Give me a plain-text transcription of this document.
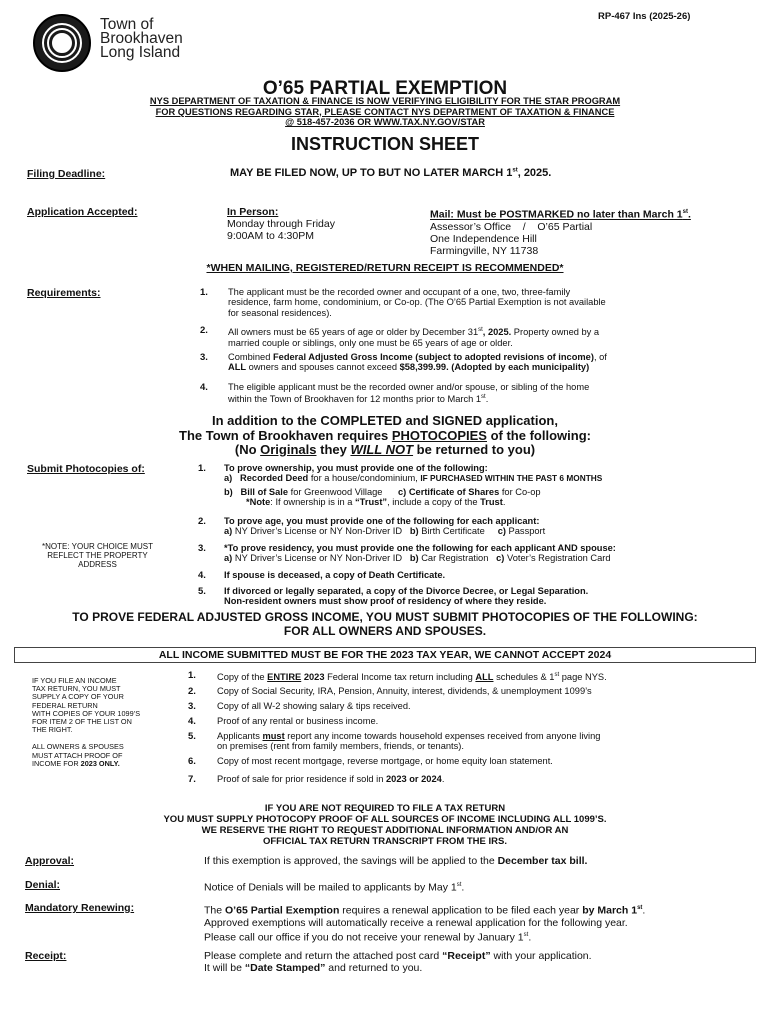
Town of
Brookhaven
Long Island
RP-467 Ins (2025-26)
O’65 PARTIAL EXEMPTION
NYS DEPARTMENT OF TAXATION & FINANCE IS NOW VERIFYING ELIGIBILITY FOR THE STAR PROGRAM
FOR QUESTIONS REGARDING STAR, PLEASE CONTACT NYS DEPARTMENT OF TAXATION & FINANCE
@ 518-457-2036 OR WWW.TAX.NY.GOV/STAR
INSTRUCTION SHEET
Filing Deadline:	MAY BE FILED NOW, UP TO BUT NO LATER MARCH 1st, 2025.
Application Accepted:	In Person:
Monday through Friday
9:00AM to 4:30PM
Mail: Must be POSTMARKED no later than March 1st.
Assessor’s Office    /    O’65 Partial
One Independence Hill
Farmingville, NY 11738
*WHEN MAILING, REGISTERED/RETURN RECEIPT IS RECOMMENDED*
Requirements:	1. The applicant must be the recorded owner and occupant of a one, two, three-family
residence, farm home, condominium, or Co-op. (The O’65 Partial Exemption is not available
for seasonal residences).
2. All owners must be 65 years of age or older by December 31st, 2025. Property owned by a
married couple or siblings, only one must be 65 years of age or older.
3. Combined Federal Adjusted Gross Income (subject to adopted revisions of income), of
ALL owners and spouses cannot exceed $58,399.99. (Adopted by each municipality)
4. The eligible applicant must be the recorded owner and/or spouse, or sibling of the home
within the Town of Brookhaven for 12 months prior to March 1st.
In addition to the COMPLETED and SIGNED application,
The Town of Brookhaven requires PHOTOCOPIES of the following:
(No Originals they WILL NOT be returned to you)
Submit Photocopies of:
*NOTE: YOUR CHOICE MUST REFLECT THE PROPERTY ADDRESS
1. To prove ownership, you must provide one of the following:
a) Recorded Deed for a house/condominium, IF PURCHASED WITHIN THE PAST 6 MONTHS
b) Bill of Sale for Greenwood Village c) Certificate of Shares for Co-op
*Note: If ownership is in a “Trust”, include a copy of the Trust.
2. To prove age, you must provide one of the following for each applicant:
a) NY Driver’s License or NY Non-Driver ID b) Birth Certificate c) Passport
3. *To prove residency, you must provide one the following for each applicant AND spouse:
a) NY Driver’s License or NY Non-Driver ID b) Car Registration c) Voter’s Registration Card
4. If spouse is deceased, a copy of Death Certificate.
5. If divorced or legally separated, a copy of the Divorce Decree, or Legal Separation.
Non-resident owners must show proof of residency of where they reside.
TO PROVE FEDERAL ADJUSTED GROSS INCOME, YOU MUST SUBMIT PHOTOCOPIES OF THE FOLLOWING:
FOR ALL OWNERS AND SPOUSES.
ALL INCOME SUBMITTED MUST BE FOR THE 2023 TAX YEAR, WE CANNOT ACCEPT 2024
IF YOU FILE AN INCOME
TAX RETURN, YOU MUST
SUPPLY A COPY OF YOUR
FEDERAL RETURN
WITH COPIES OF YOUR 1099’S
FOR ITEM 2 OF THE LIST ON
THE RIGHT.
ALL OWNERS & SPOUSES
MUST ATTACH PROOF OF
INCOME FOR 2023 ONLY.
1. Copy of the ENTIRE 2023 Federal Income tax return including ALL schedules & 1st page NYS.
2. Copy of Social Security, IRA, Pension, Annuity, interest, dividends, & unemployment 1099’s
3. Copy of all W-2 showing salary & tips received.
4. Proof of any rental or business income.
5. Applicants must report any income towards household expenses received from anyone living
on premises (rent from family members, friends, or tenants).
6. Copy of most recent mortgage, reverse mortgage, or home equity loan statement.
7. Proof of sale for prior residence if sold in 2023 or 2024.
IF YOU ARE NOT REQUIRED TO FILE A TAX RETURN
YOU MUST SUPPLY PHOTOCOPY PROOF OF ALL SOURCES OF INCOME INCLUDING ALL 1099’S.
WE RESERVE THE RIGHT TO REQUEST ADDITIONAL INFORMATION AND/OR AN
OFFICIAL TAX RETURN TRANSCRIPT FROM THE IRS.
Approval:	If this exemption is approved, the savings will be applied to the December tax bill.
Denial:	Notice of Denials will be mailed to applicants by May 1st.
Mandatory Renewing:	The O’65 Partial Exemption requires a renewal application to be filed each year by March 1st.
Approved exemptions will automatically receive a renewal application for the following year.
Please call our office if you do not receive your renewal by January 1st.
Receipt:	Please complete and return the attached post card “Receipt” with your application.
It will be “Date Stamped” and returned to you.
